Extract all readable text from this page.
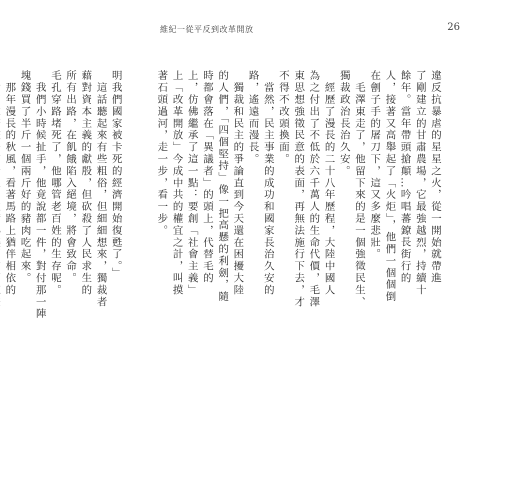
維紀一從平反到改革開放	26
違反抗暴虐的星星之火，從一開始就帶進
了剛建立的甘肅農場，它最強越烈，持續十
餘年。當年帶頭搶顛…吟唱蕃鐐長街行的
人，接著又高舉起了「火炬」，他們一個個倒
在劊子手的屠刀下，這又多麼悲壯。
　毛澤東走了，他留下來的是一個強徵民生、
獨裁政治長治久安。
　經歷了漫長的二十八年歷程，大陸中國人
為之付出了不低於六千萬人的生命代價，毛澤
東思想強徵民意的表面，再無法施行下去，才
不得不改頭換面。
　當然，民主事業的成功和國家長治久安的
路，遙遠而漫長。
　獨裁和民主的爭論直到今天還在困擾大陸
的人們，「四個堅持」像一把高懸的利劍，隨
時都會落在「異議者」的頭上，代替毛的
上，仿佛繼承了這一點：要創「社會主義」
上「改革開放」今成中共的權宜之計，叫摸
著石頭過河，走一步，看一步。

明我們國家被卡死的經濟開始復甦了。」
　這話聽起來有些粗俗，但細細想來，獨裁者
藉對資本主義的獻殷，但砍殺了人民求生的
所有出路，在飢餓陷入絕境，將會致命。
毛孔穿路堵死了，他哪管老百姓的生存呢。
　我們小時候扯手，他竟說都一件，對付那一陣
塊錢買了半斤一個兩斤好的豬肉吃起來。
　那年漫長的秋風，看著馬路上猶伴相依的
